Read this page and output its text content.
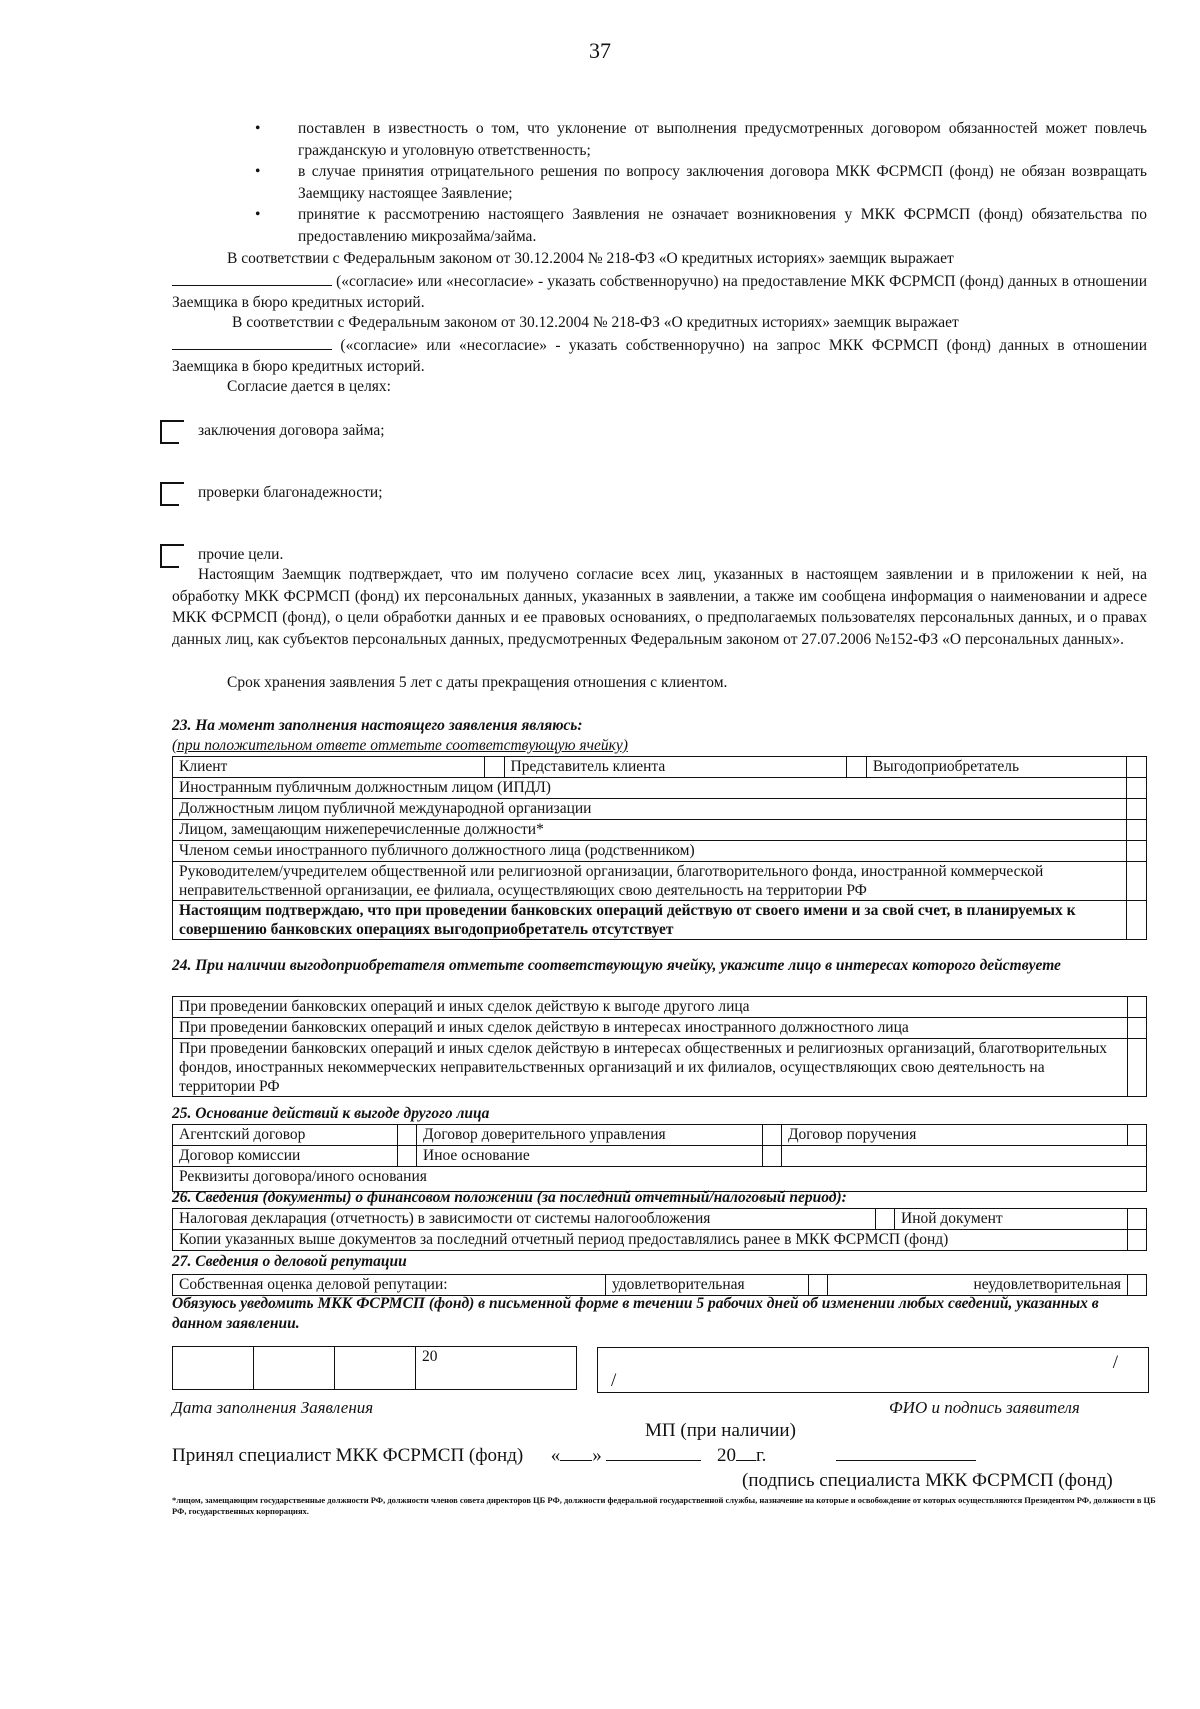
37
• поставлен в известность о том, что уклонение от выполнения предусмотренных договором обязанностей может повлечь гражданскую и уголовную ответственность;
• в случае принятия отрицательного решения по вопросу заключения договора МКК ФСРМСП (фонд) не обязан возвращать Заемщику настоящее Заявление;
• принятие к рассмотрению настоящего Заявления не означает возникновения у МКК ФСРМСП (фонд) обязательства по предоставлению микрозайма/займа.
В соответствии с Федеральным законом от 30.12.2004 № 218-ФЗ «О кредитных историях» заемщик выражает
(«согласие» или «несогласие» - указать собственноручно) на предоставление МКК ФСРМСП (фонд) данных в отношении Заемщика в бюро кредитных историй.
В соответствии с Федеральным законом от 30.12.2004 № 218-ФЗ «О кредитных историях» заемщик выражает
(«согласие» или «несогласие» - указать собственноручно) на запрос МКК ФСРМСП (фонд) данных в отношении Заемщика в бюро кредитных историй.
Согласие дается в целях:
заключения договора займа;
проверки благонадежности;
прочие цели.
Настоящим Заемщик подтверждает, что им получено согласие всех лиц, указанных в настоящем заявлении и в приложении к ней, на обработку МКК ФСРМСП (фонд) их персональных данных, указанных в заявлении, а также им сообщена информация о наименовании и адресе МКК ФСРМСП (фонд), о цели обработки данных и ее правовых основаниях, о предполагаемых пользователях персональных данных, и о правах данных лиц, как субъектов персональных данных, предусмотренных Федеральным законом от 27.07.2006 №152-ФЗ «О персональных данных».
Срок хранения заявления 5 лет с даты прекращения отношения с клиентом.
23. На момент заполнения настоящего заявления являюсь:
(при положительном ответе отметьте соответствующую ячейку)
Клиент		Представитель клиента		Выгодоприобретатель	
Иностранным публичным должностным лицом (ИПДЛ)					
Должностным лицом публичной международной организации					
Лицом, замещающим нижеперечисленные должности*					
Членом семьи иностранного публичного должностного лица (родственником)					
Руководителем/учредителем общественной или религиозной организации, благотворительного фонда, иностранной коммерческой неправительственной организации, ее филиала, осуществляющих свою деятельность на территории РФ					
Настоящим подтверждаю, что при проведении банковских операций действую от своего имени и за свой счет, в планируемых к совершению банковских операциях выгодоприобретатель отсутствует					
24. При наличии выгодоприобретателя отметьте соответствующую ячейку, укажите лицо в интересах которого действуете
При проведении банковских операций и иных сделок действую к выгоде другого лица	
При проведении банковских операций и иных сделок действую в интересах иностранного должностного лица	
При проведении банковских операций и иных сделок действую в интересах общественных и религиозных организаций, благотворительных фондов, иностранных некоммерческих неправительственных организаций и их филиалов, осуществляющих свою деятельность на территории РФ	
25. Основание действий к выгоде другого лица
Агентский договор		Договор доверительного управления		Договор поручения	
Договор комиссии		Иное основание			
Реквизиты договора/иного основания					
26. Сведения (документы) о финансовом положении (за последний отчетный/налоговый период):
Налоговая декларация (отчетность) в зависимости от системы налогообложения		Иной документ	
Копии указанных выше документов за последний отчетный период предоставлялись ранее в МКК ФСРМСП (фонд)			
27. Сведения о деловой репутации
Собственная оценка деловой репутации:	удовлетворительная		неудовлетворительная	
Обязуюсь уведомить МКК ФСРМСП (фонд) в письменной форме в течении 5 рабочих дней об изменении любых сведений, указанных в данном заявлении.
			20	/
/
Дата заполнения Заявления	ФИО и подпись заявителя
МП (при наличии)
Принял специалист МКК ФСРМСП (фонд) « »	20 г.
(подпись специалиста МКК ФСРМСП (фонд)
*лицом, замещающим государственные должности РФ, должности членов совета директоров ЦБ РФ, должности федеральной государственной службы, назначение на которые и освобождение от которых осуществляются Президентом РФ, должности в ЦБ РФ, государственных корпорациях.
